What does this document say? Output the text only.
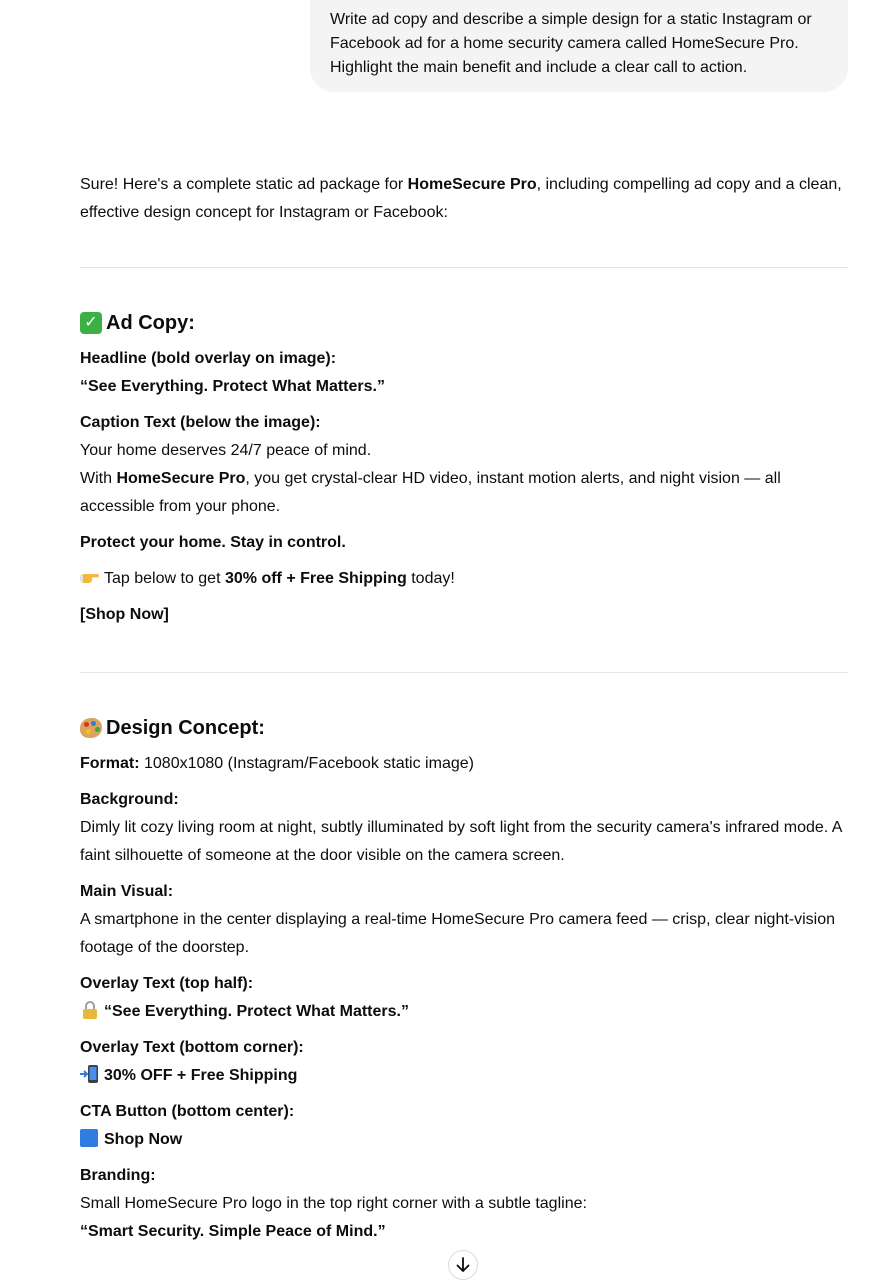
Write ad copy and describe a simple design for a static Instagram or Facebook ad for a home security camera called HomeSecure Pro. Highlight the main benefit and include a clear call to action.

Sure! Here's a complete static ad package for HomeSecure Pro, including compelling ad copy and a clean, effective design concept for Instagram or Facebook:

✓ Ad Copy:

Headline (bold overlay on image):

“See Everything. Protect What Matters.”

Caption Text (below the image):

Your home deserves 24/7 peace of mind.

With HomeSecure Pro, you get crystal-clear HD video, instant motion alerts, and night vision — all accessible from your phone.

Protect your home. Stay in control.

Tap below to get 30% off + Free Shipping today!

[Shop Now]

Design Concept:

Format: 1080x1080 (Instagram/Facebook static image)

Background:

Dimly lit cozy living room at night, subtly illuminated by soft light from the security camera's infrared mode. A faint silhouette of someone at the door visible on the camera screen.

Main Visual:

A smartphone in the center displaying a real-time HomeSecure Pro camera feed — crisp, clear night-vision footage of the doorstep.

Overlay Text (top half):

“See Everything. Protect What Matters.”

Overlay Text (bottom corner):

30% OFF + Free Shipping

CTA Button (bottom center):

Shop Now

Branding:

Small HomeSecure Pro logo in the top right corner with a subtle tagline:

“Smart Security. Simple Peace of Mind.”
